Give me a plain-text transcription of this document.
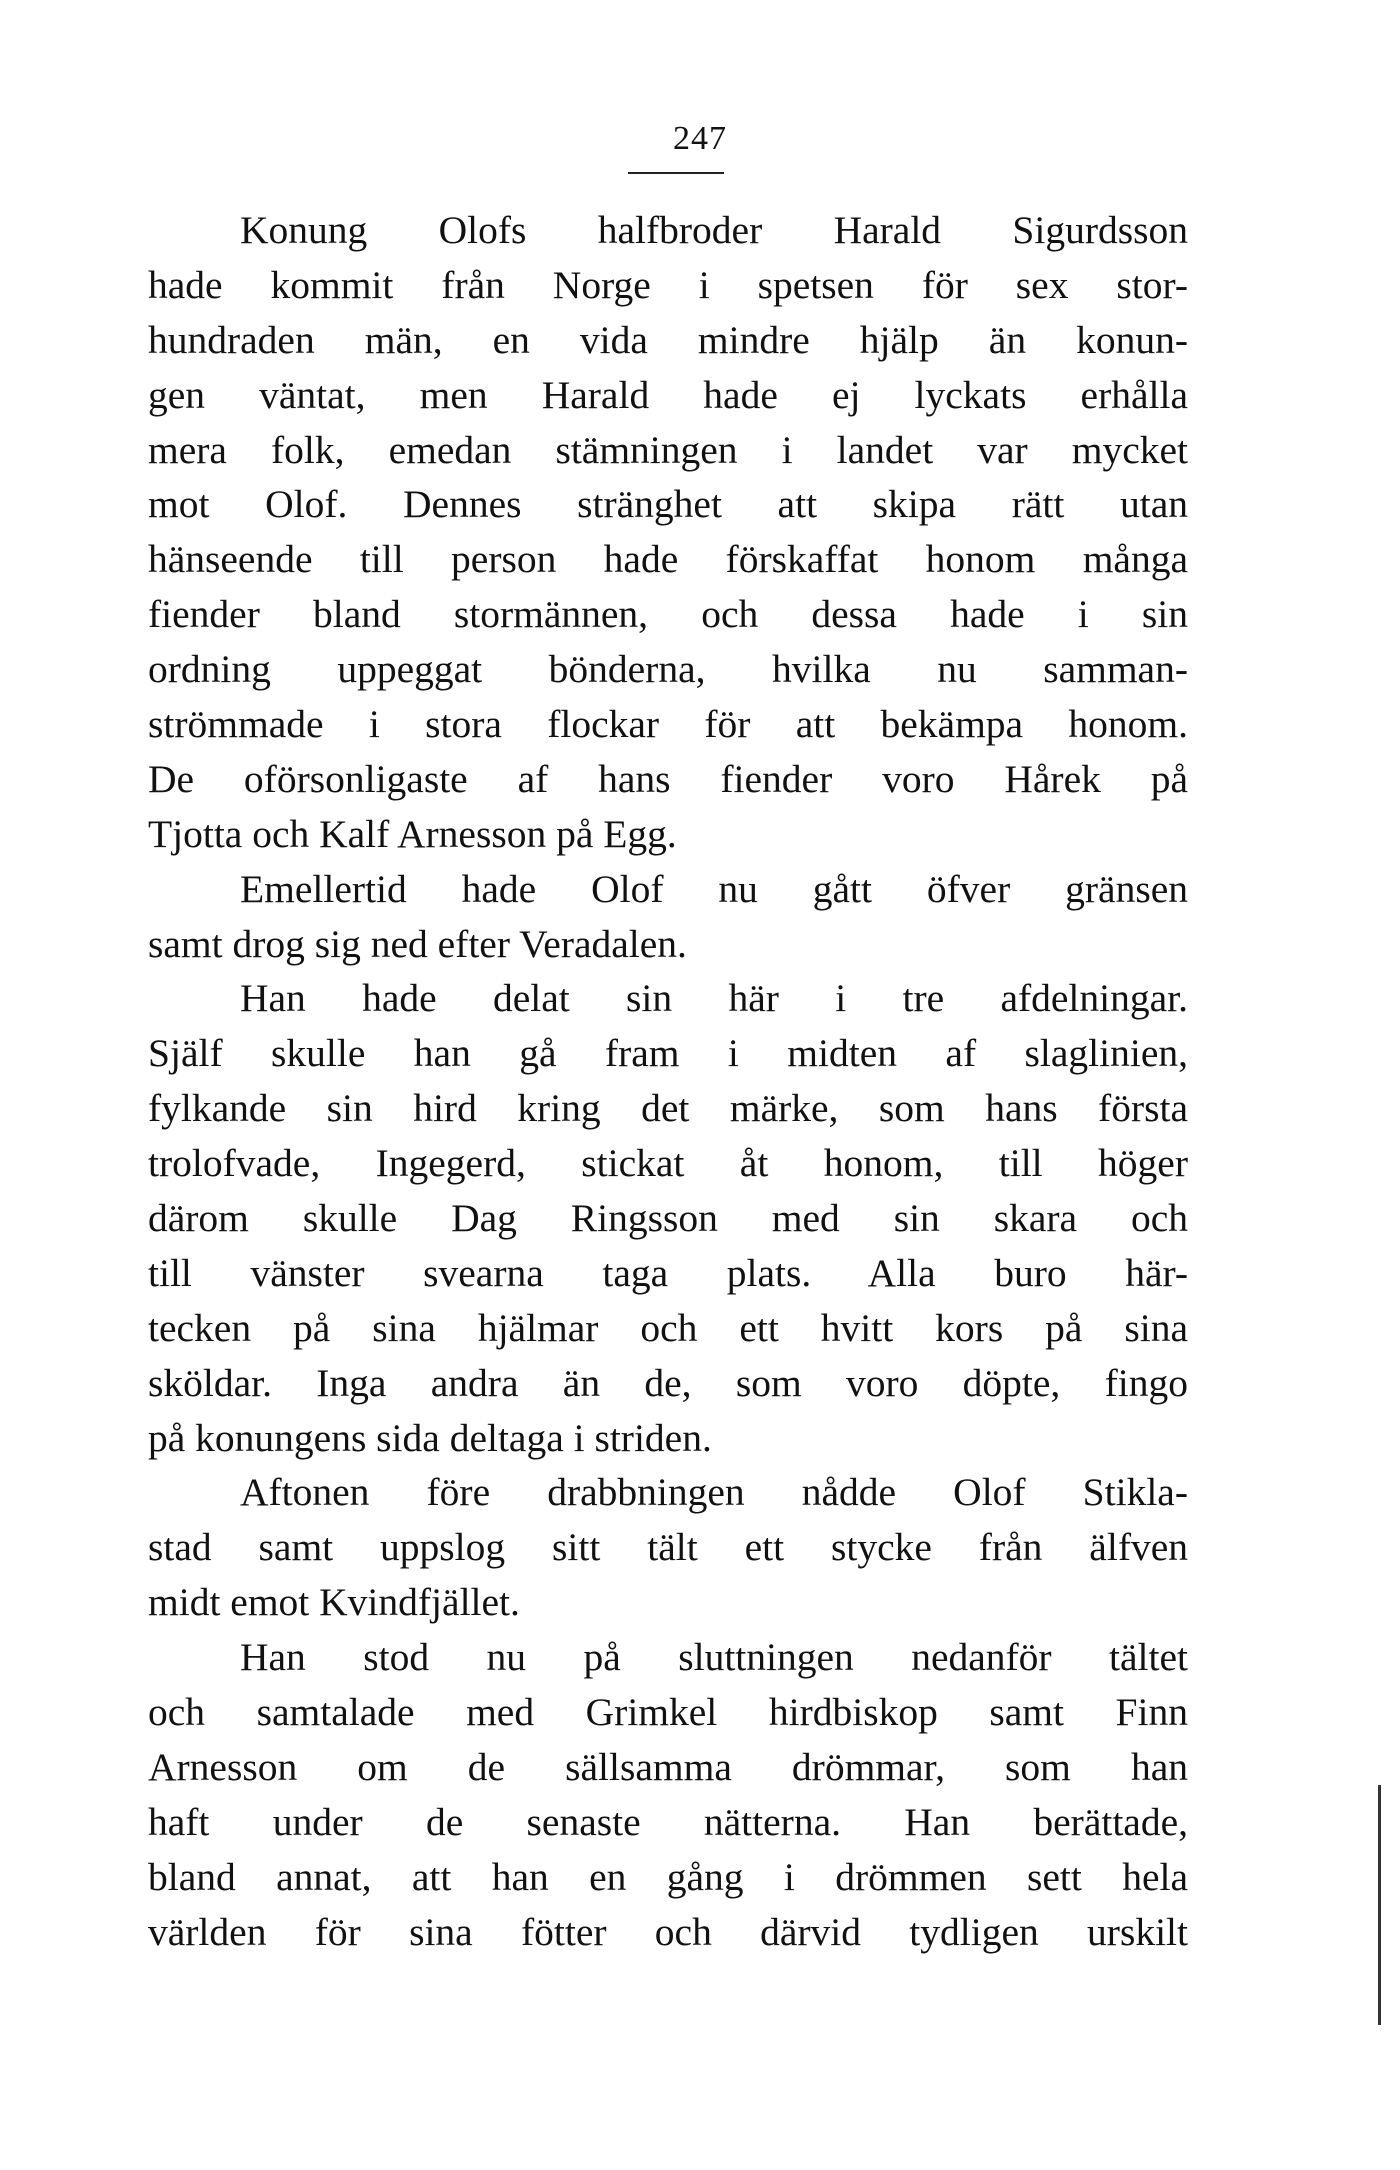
247
Konung Olofs halfbroder Harald Sigurdsson
hade kommit från Norge i spetsen för sex stor-
hundraden män, en vida mindre hjälp än konun-
gen väntat, men Harald hade ej lyckats erhålla
mera folk, emedan stämningen i landet var mycket
mot Olof. Dennes stränghet att skipa rätt utan
hänseende till person hade förskaffat honom många
fiender bland stormännen, och dessa hade i sin
ordning uppeggat bönderna, hvilka nu samman-
strömmade i stora flockar för att bekämpa honom.
De oförsonligaste af hans fiender voro Hårek på
Tjotta och Kalf Arnesson på Egg.
Emellertid hade Olof nu gått öfver gränsen
samt drog sig ned efter Veradalen.
Han hade delat sin här i tre afdelningar.
Själf skulle han gå fram i midten af slaglinien,
fylkande sin hird kring det märke, som hans första
trolofvade, Ingegerd, stickat åt honom, till höger
därom skulle Dag Ringsson med sin skara och
till vänster svearna taga plats. Alla buro här-
tecken på sina hjälmar och ett hvitt kors på sina
sköldar. Inga andra än de, som voro döpte, fingo
på konungens sida deltaga i striden.
Aftonen före drabbningen nådde Olof Stikla-
stad samt uppslog sitt tält ett stycke från älfven
midt emot Kvindfjället.
Han stod nu på sluttningen nedanför tältet
och samtalade med Grimkel hirdbiskop samt Finn
Arnesson om de sällsamma drömmar, som han
haft under de senaste nätterna. Han berättade,
bland annat, att han en gång i drömmen sett hela
världen för sina fötter och därvid tydligen urskilt
